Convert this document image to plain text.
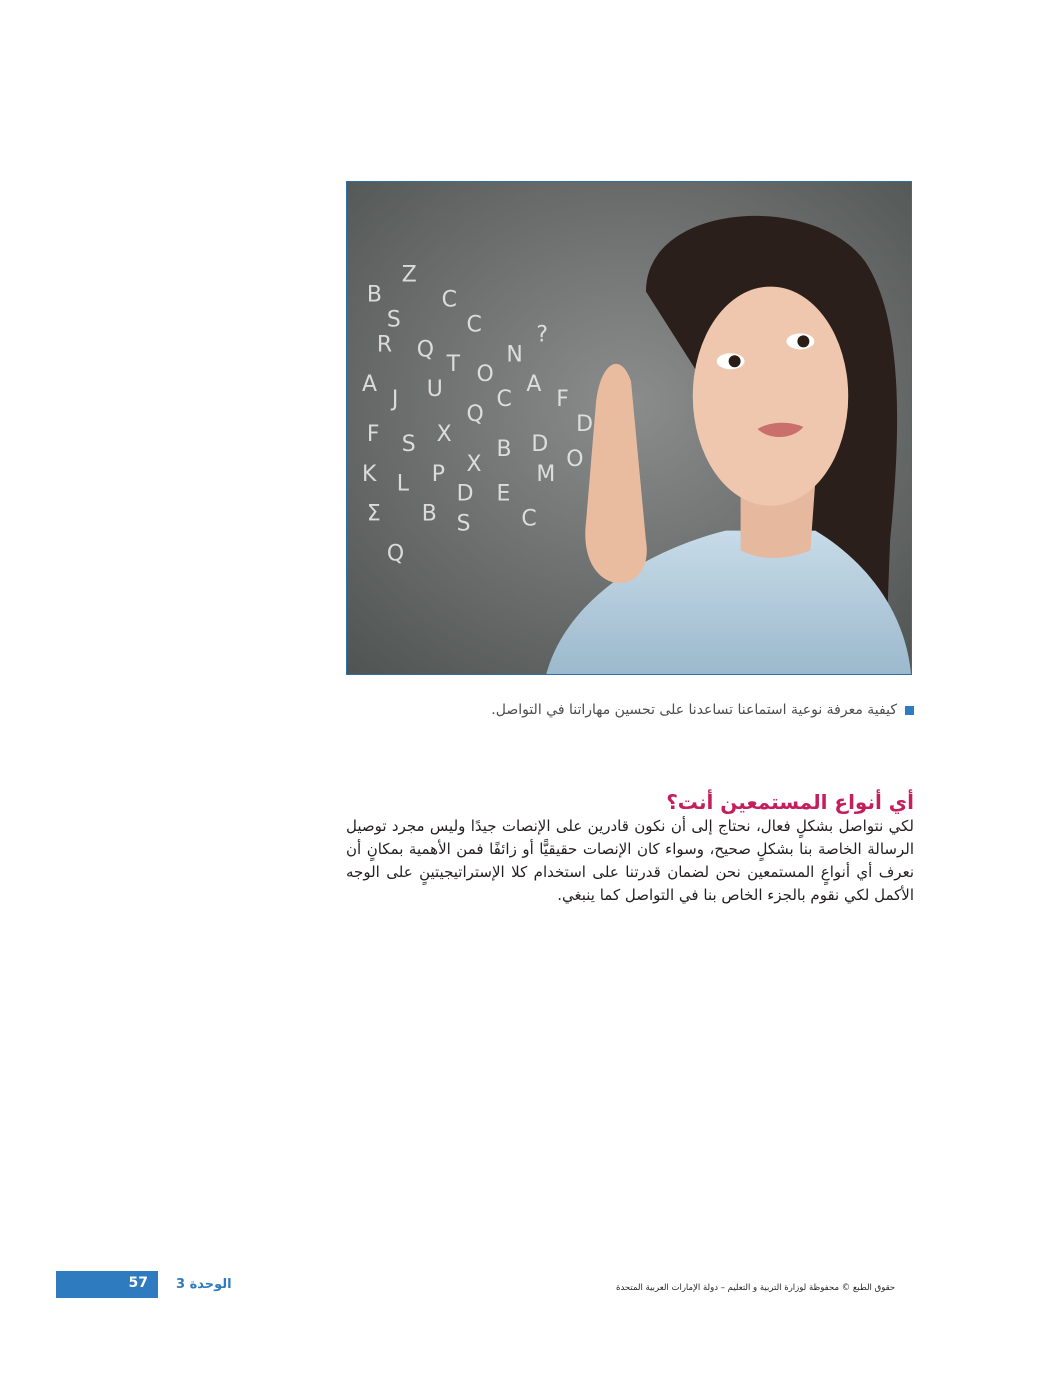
B
Z
S
C
C
R Q
T
A
J U
O
N
?
F S X
Q
C
A
F
D
K L P X
B D
O
Σ B
D E
M
S C
Q
كيفية معرفة نوعية استماعنا تساعدنا على تحسين مهاراتنا في التواصل.
أي أنواع المستمعين أنت؟
لكي نتواصل بشكلٍ فعال، نحتاج إلى أن نكون قادرين على الإنصات جيدًا وليس مجرد توصيل الرسالة الخاصة بنا بشكلٍ صحيح، وسواء كان الإنصات حقيقيًّا أو زائفًا فمن الأهمية بمكانٍ أن نعرف أي أنواعٍ المستمعين نحن لضمان قدرتنا على استخدام كلا الإستراتيجيتينٍ على الوجه الأكمل لكي نقوم بالجزء الخاص بنا في التواصل كما ينبغي.
حقوق الطبع © محفوظة لوزارة التربية و التعليم – دولة الإمارات العربية المتحدة
الوحدة 3
57
